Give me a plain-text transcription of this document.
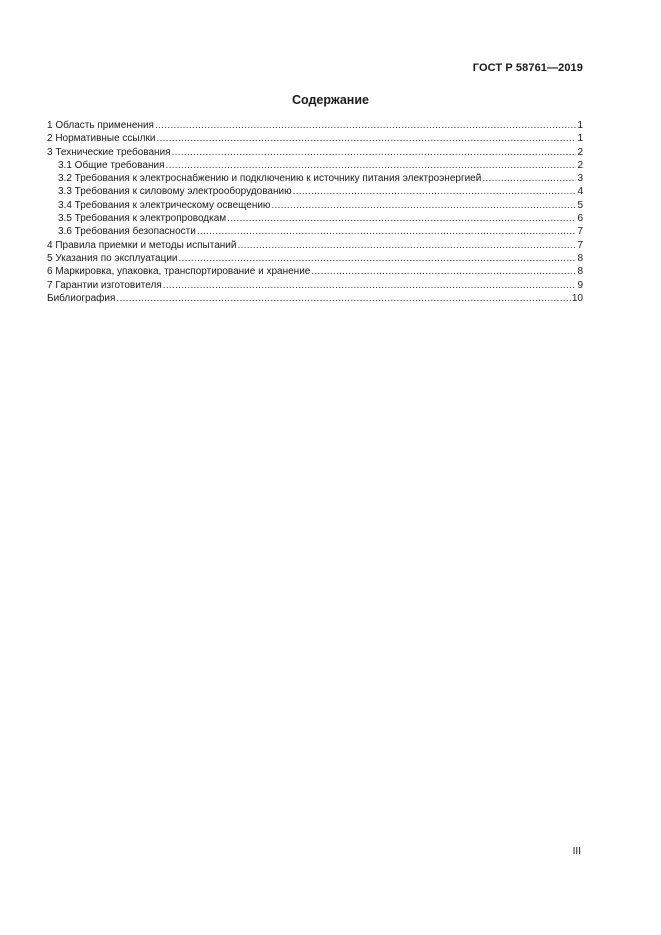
ГОСТ Р 58761—2019
Содержание
1 Область применения .....	1
2 Нормативные ссылки .....	1
3 Технические требования .....	2
3.1 Общие требования .....	2
3.2 Требования к электроснабжению и подключению к источнику питания электроэнергией .....	3
3.3 Требования к силовому электрооборудованию .....	4
3.4 Требования к электрическому освещению .....	5
3.5 Требования к электропроводкам .....	6
3.6 Требования безопасности .....	7
4 Правила приемки и методы испытаний .....	7
5 Указания по эксплуатации .....	8
6 Маркировка, упаковка, транспортирование и хранение .....	8
7 Гарантии изготовителя .....	9
Библиография .....	10
III
